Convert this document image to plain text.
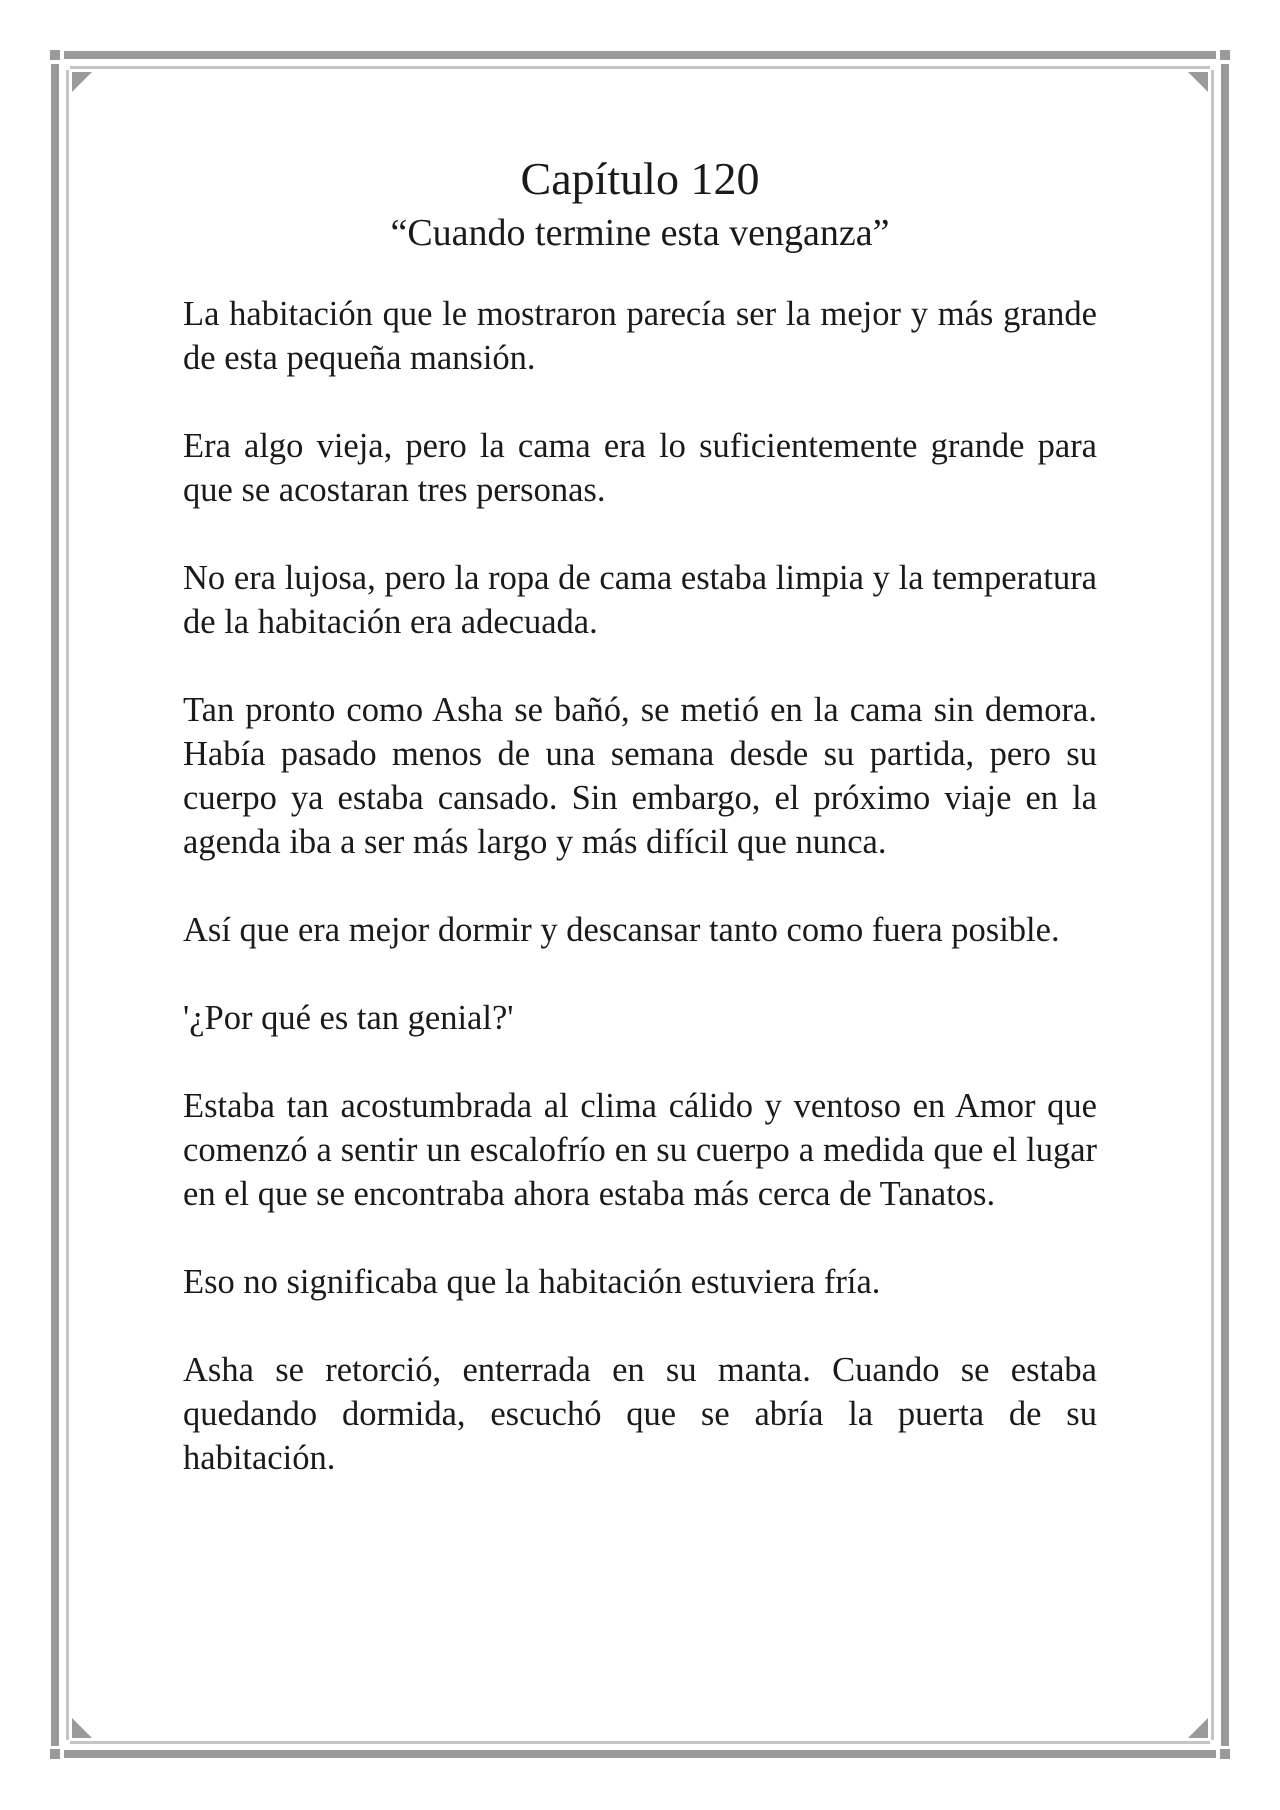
Capítulo 120
“Cuando termine esta venganza”

La habitación que le mostraron parecía ser la mejor y más grande de esta pequeña mansión.

Era algo vieja, pero la cama era lo suficientemente grande para que se acostaran tres personas.

No era lujosa, pero la ropa de cama estaba limpia y la temperatura de la habitación era adecuada.

Tan pronto como Asha se bañó, se metió en la cama sin demora. Había pasado menos de una semana desde su partida, pero su cuerpo ya estaba cansado. Sin embargo, el próximo viaje en la agenda iba a ser más largo y más difícil que nunca.

Así que era mejor dormir y descansar tanto como fuera posible.

'¿Por qué es tan genial?'

Estaba tan acostumbrada al clima cálido y ventoso en Amor que comenzó a sentir un escalofrío en su cuerpo a medida que el lugar en el que se encontraba ahora estaba más cerca de Tanatos.

Eso no significaba que la habitación estuviera fría.

Asha se retorció, enterrada en su manta. Cuando se estaba quedando dormida, escuchó que se abría la puerta de su habitación.
